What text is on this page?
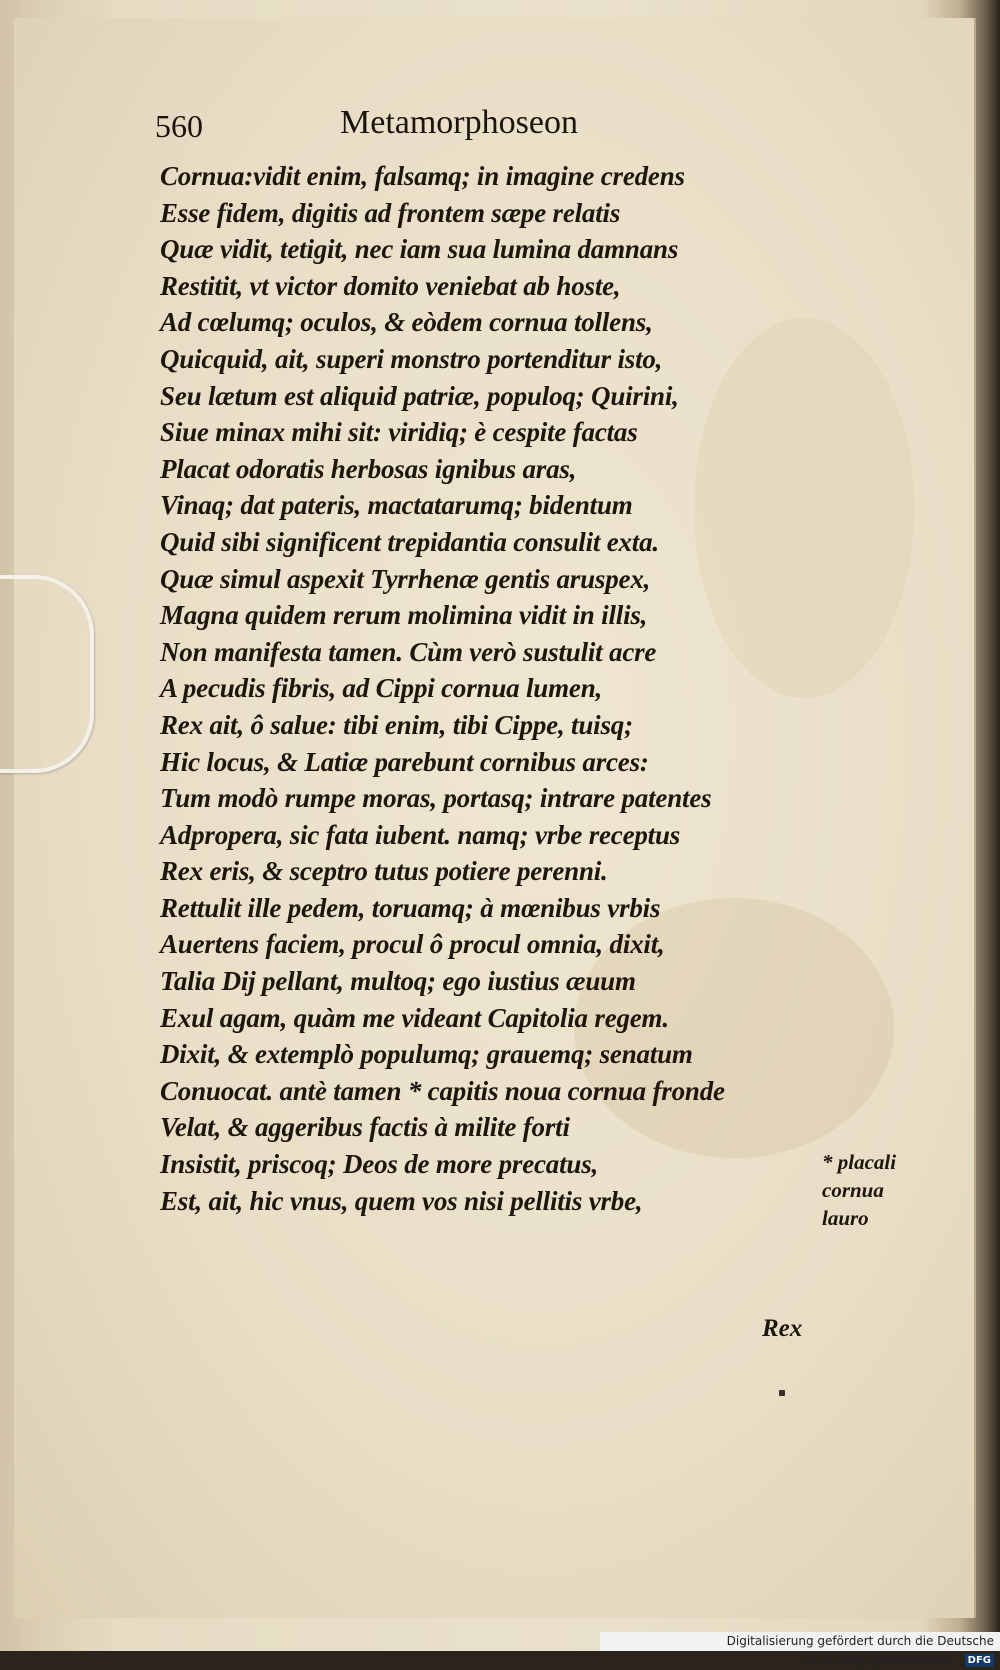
560	Metamorphoseon
Cornua:vidit enim, falsamq; in imagine credens
Esse fidem, digitis ad frontem sæpe relatis
Quæ vidit, tetigit, nec iam sua lumina damnans
Restitit, vt victor domito veniebat ab hoste,
Ad cœlumq; oculos, & eòdem cornua tollens,
Quicquid, ait, superi monstro portenditur isto,
Seu lætum est aliquid patriæ, populoq; Quirini,
Siue minax mihi sit: viridiq; è cespite factas
Placat odoratis herbosas ignibus aras,
Vinaq; dat pateris, mactatarumq; bidentum
Quid sibi significent trepidantia consulit exta.
Quæ simul aspexit Tyrrhenæ gentis aruspex,
Magna quidem rerum molimina vidit in illis,
Non manifesta tamen. Cùm verò sustulit acre
A pecudis fibris, ad Cippi cornua lumen,
Rex ait, ô salue: tibi enim, tibi Cippe, tuisq;
Hic locus, & Latiæ parebunt cornibus arces:
Tum modò rumpe moras, portasq; intrare patentes
Adpropera, sic fata iubent. namq; vrbe receptus
Rex eris, & sceptro tutus potiere perenni.
Rettulit ille pedem, toruamq; à mœnibus vrbis
Auertens faciem, procul ô procul omnia, dixit,
Talia Dij pellant, multoq; ego iustius æuum
Exul agam, quàm me videant Capitolia regem.
Dixit, & extemplò populumq; grauemq; senatum
Conuocat. antè tamen * capitis noua cornua fronde
Velat, & aggeribus factis à milite forti
Insistit, priscoq; Deos de more precatus,
Est, ait, hic vnus, quem vos nisi pellitis vrbe,
* placali
cornua
lauro
Rex
Digitalisierung gefördert durch die Deutsche Forschungsgemeinschaft · DFG
